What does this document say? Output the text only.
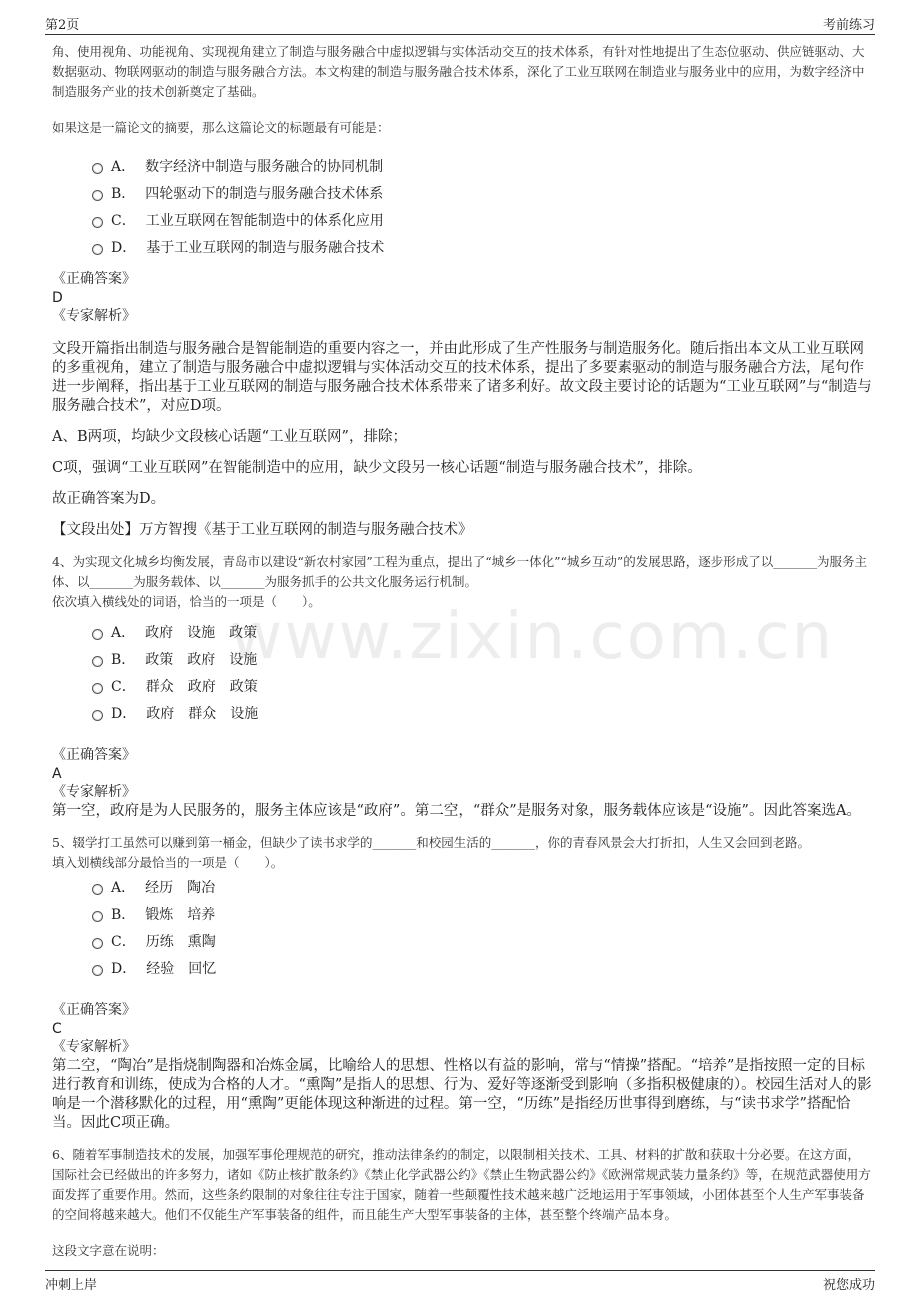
第2页	考前练习
www.zixin.com.cn

角、使用视角、功能视角、实现视角建立了制造与服务融合中虚拟逻辑与实体活动交互的技术体系，有针对性地提出了生态位驱动、供应链驱动、大数据驱动、物联网驱动的制造与服务融合方法。本文构建的制造与服务融合技术体系，深化了工业互联网在制造业与服务业中的应用，为数字经济中制造服务产业的技术创新奠定了基础。

如果这是一篇论文的摘要，那么这篇论文的标题最有可能是：

A． 数字经济中制造与服务融合的协同机制
B． 四轮驱动下的制造与服务融合技术体系
C． 工业互联网在智能制造中的体系化应用
D． 基于工业互联网的制造与服务融合技术

《正确答案》

D

《专家解析》

文段开篇指出制造与服务融合是智能制造的重要内容之一，并由此形成了生产性服务与制造服务化。随后指出本文从工业互联网的多重视角，建立了制造与服务融合中虚拟逻辑与实体活动交互的技术体系，提出了多要素驱动的制造与服务融合方法，尾句作进一步阐释，指出基于工业互联网的制造与服务融合技术体系带来了诸多利好。故文段主要讨论的话题为“工业互联网”与“制造与服务融合技术”，对应D项。

A、B两项，均缺少文段核心话题“工业互联网”，排除；

C项，强调“工业互联网”在智能制造中的应用，缺少文段另一核心话题“制造与服务融合技术”，排除。

故正确答案为D。

【文段出处】万方智搜《基于工业互联网的制造与服务融合技术》

4、为实现文化城乡均衡发展，青岛市以建设“新农村家园”工程为重点，提出了“城乡一体化”“城乡互动”的发展思路，逐步形成了以_______为服务主体、以_______为服务载体、以_______为服务抓手的公共文化服务运行机制。

依次填入横线处的词语，恰当的一项是（　　）。

A． 政府　设施　政策
B． 政策　政府　设施
C． 群众　政府　政策
D． 政府　群众　设施

《正确答案》

A

《专家解析》

第一空，政府是为人民服务的，服务主体应该是“政府”。第二空，“群众”是服务对象，服务载体应该是“设施”。因此答案选A。

5、辍学打工虽然可以赚到第一桶金，但缺少了读书求学的_______和校园生活的_______，你的青春风景会大打折扣，人生又会回到老路。

填入划横线部分最恰当的一项是（　　）。

A． 经历　陶冶
B． 锻炼　培养
C． 历练　熏陶
D． 经验　回忆

《正确答案》

C

《专家解析》

第二空，“陶冶”是指烧制陶器和冶炼金属，比喻给人的思想、性格以有益的影响，常与“情操”搭配。“培养”是指按照一定的目标进行教育和训练，使成为合格的人才。“熏陶”是指人的思想、行为、爱好等逐渐受到影响（多指积极健康的）。校园生活对人的影响是一个潜移默化的过程，用“熏陶”更能体现这种渐进的过程。第一空，“历练”是指经历世事得到磨练，与“读书求学”搭配恰当。因此C项正确。

6、随着军事制造技术的发展，加强军事伦理规范的研究，推动法律条约的制定，以限制相关技术、工具、材料的扩散和获取十分必要。在这方面，国际社会已经做出的许多努力，诸如《防止核扩散条约》《禁止化学武器公约》《禁止生物武器公约》《欧洲常规武装力量条约》等，在规范武器使用方面发挥了重要作用。然而，这些条约限制的对象往往专注于国家，随着一些颠覆性技术越来越广泛地运用于军事领域，小团体甚至个人生产军事装备的空间将越来越大。他们不仅能生产军事装备的组件，而且能生产大型军事装备的主体，甚至整个终端产品本身。

这段文字意在说明：

冲刺上岸	祝您成功
